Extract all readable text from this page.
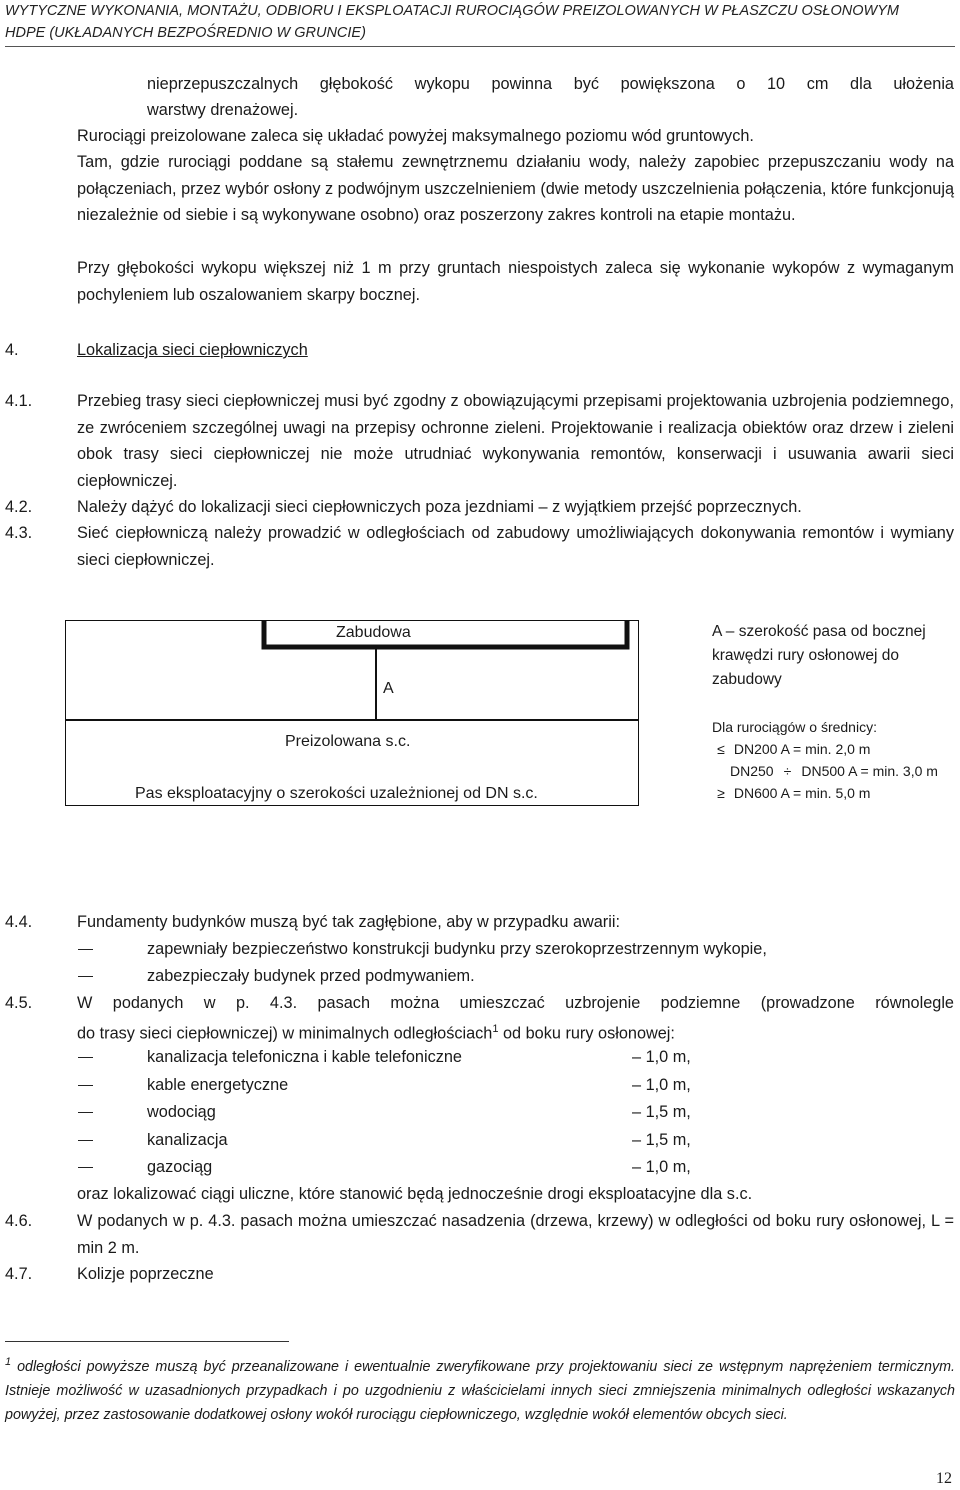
WYTYCZNE WYKONANIA, MONTAŻU, ODBIORU I EKSPLOATACJI RUROCIĄGÓW PREIZOLOWANYCH W PŁASZCZU OSŁONOWYM
HDPE (UKŁADANYCH BEZPOŚREDNIO W GRUNCIE)
nieprzepuszczalnych głębokość wykopu powinna być powiększona o 10 cm dla ułożenia
warstwy drenażowej.
Rurociągi preizolowane zaleca się układać powyżej maksymalnego poziomu wód gruntowych.
Tam, gdzie rurociągi poddane są stałemu zewnętrznemu działaniu wody, należy zapobiec przepuszczaniu wody na połączeniach, przez wybór osłony z podwójnym uszczelnieniem (dwie metody uszczelnienia połączenia, które funkcjonują niezależnie od siebie i są wykonywane osobno) oraz poszerzony zakres kontroli na etapie montażu.
Przy głębokości wykopu większej niż 1 m przy gruntach niespoistych zaleca się wykonanie wykopów z wymaganym pochyleniem lub oszalowaniem skarpy bocznej.
4.	Lokalizacja sieci ciepłowniczych
4.1.	Przebieg trasy sieci ciepłowniczej musi być zgodny z obowiązującymi przepisami projektowania uzbrojenia podziemnego, ze zwróceniem szczególnej uwagi na przepisy ochronne zieleni. Projektowanie i realizacja obiektów oraz drzew i zieleni obok trasy sieci ciepłowniczej nie może utrudniać wykonywania remontów, konserwacji i usuwania awarii sieci ciepłowniczej.
4.2.	Należy dążyć do lokalizacji sieci ciepłowniczych poza jezdniami – z wyjątkiem przejść poprzecznych.
4.3.	Sieć ciepłowniczą należy prowadzić w odległościach od zabudowy umożliwiających dokonywania remontów i wymiany sieci ciepłowniczej.
Zabudowa
A
Preizolowana s.c.
Pas eksploatacyjny o szerokości uzależnionej od DN s.c.
A – szerokość pasa od bocznej
krawędzi rury osłonowej do
zabudowy
Dla rurociągów o średnicy:
≤ DN200 A = min. 2,0 m
DN250 ÷ DN500 A = min. 3,0 m
≥ DN600 A = min. 5,0 m
4.4.	Fundamenty budynków muszą być tak zagłębione, aby w przypadku awarii:
zapewniały bezpieczeństwo konstrukcji budynku przy szerokoprzestrzennym wykopie,
zabezpieczały budynek przed podmywaniem.
4.5.	W podanych w p. 4.3. pasach można umieszczać uzbrojenie podziemne (prowadzone równolegle
do trasy sieci ciepłowniczej) w minimalnych odległościach$^1$ od boku rury osłonowej:
kanalizacja telefoniczna i kable telefoniczne	– 1,0 m,
kable energetyczne	– 1,0 m,
wodociąg	– 1,5 m,
kanalizacja	– 1,5 m,
gazociąg	– 1,0 m,
oraz lokalizować ciągi uliczne, które stanowić będą jednocześnie drogi eksploatacyjne dla s.c.
4.6.	W podanych w p. 4.3. pasach można umieszczać nasadzenia (drzewa, krzewy) w odległości od boku rury osłonowej, L = min 2 m.
$^1$ odległości powyższe muszą być przeanalizowane i ewentualnie zweryfikowane przy projektowaniu sieci ze wstępnym naprężeniem termicznym. Istnieje możliwość w uzasadnionych przypadkach i po uzgodnieniu z właścicielami innych sieci zmniejszenia minimalnych odległości wskazanych powyżej, przez zastosowanie dodatkowej osłony wokół rurociągu ciepłowniczego, względnie wokół elementów obcych sieci.
4.7.	Kolizje poprzeczne
12
